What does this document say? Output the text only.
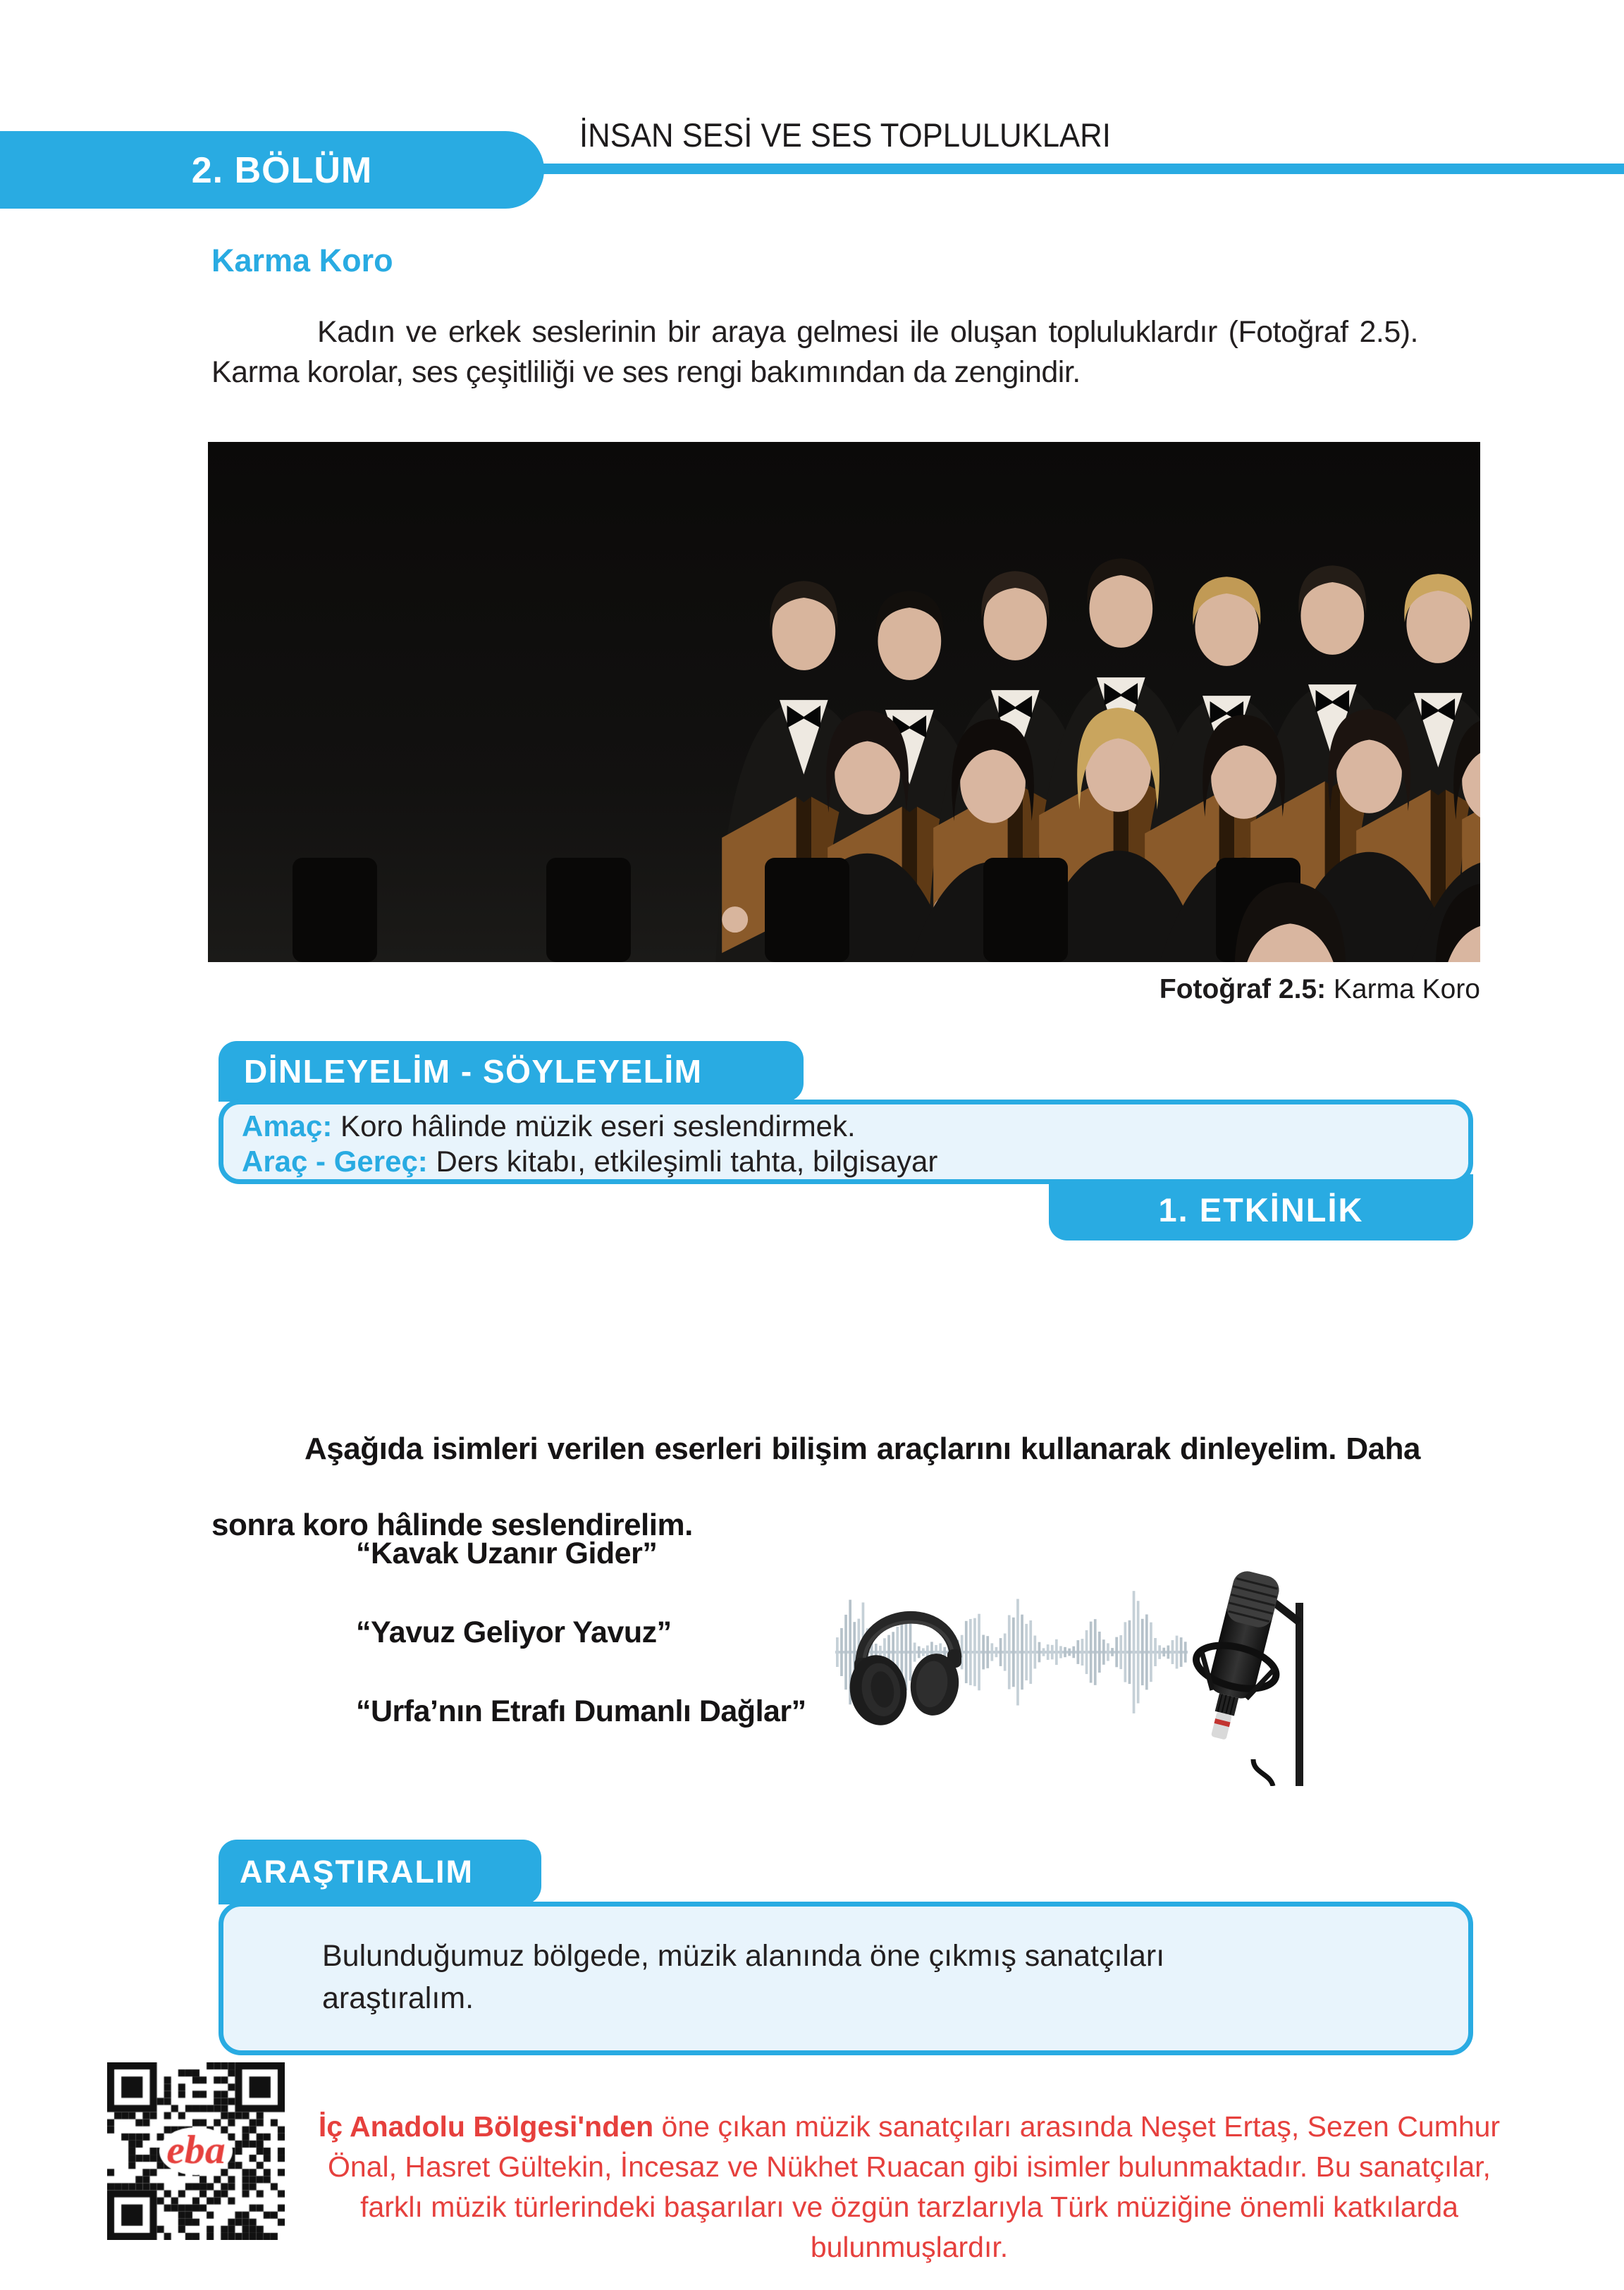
2. BÖLÜM
İNSAN SESİ VE SES TOPLULUKLARI
Karma Koro

Kadın ve erkek seslerinin bir araya gelmesi ile oluşan topluluklardır (Fotoğraf 2.5). Karma korolar, ses çeşitliliği ve ses rengi bakımından da zengindir.

Fotoğraf 2.5: Karma Koro
DİNLEYELİM - SÖYLEYELİM
Amaç: Koro hâlinde müzik eseri seslendirmek.
Araç - Gereç: Ders kitabı, etkileşimli tahta, bilgisayar
1. ETKİNLİK

Aşağıda isimleri verilen eserleri bilişim araçlarını kullanarak dinleyelim. Daha sonra koro hâlinde seslendirelim.

“Kavak Uzanır Gider”
“Yavuz Geliyor Yavuz”
“Urfa’nın Etrafı Dumanlı Dağlar”
ARAŞTIRALIM

Bulunduğumuz bölgede, müzik alanında öne çıkmış sanatçıları araştıralım.

İç Anadolu Bölgesi'nden öne çıkan müzik sanatçıları arasında Neşet Ertaş, Sezen Cumhur Önal, Hasret Gültekin, İncesaz ve Nükhet Ruacan gibi isimler bulunmaktadır. Bu sanatçılar, farklı müzik türlerindeki başarıları ve özgün tarzlarıyla Türk müziğine önemli katkılarda bulunmuşlardır.
